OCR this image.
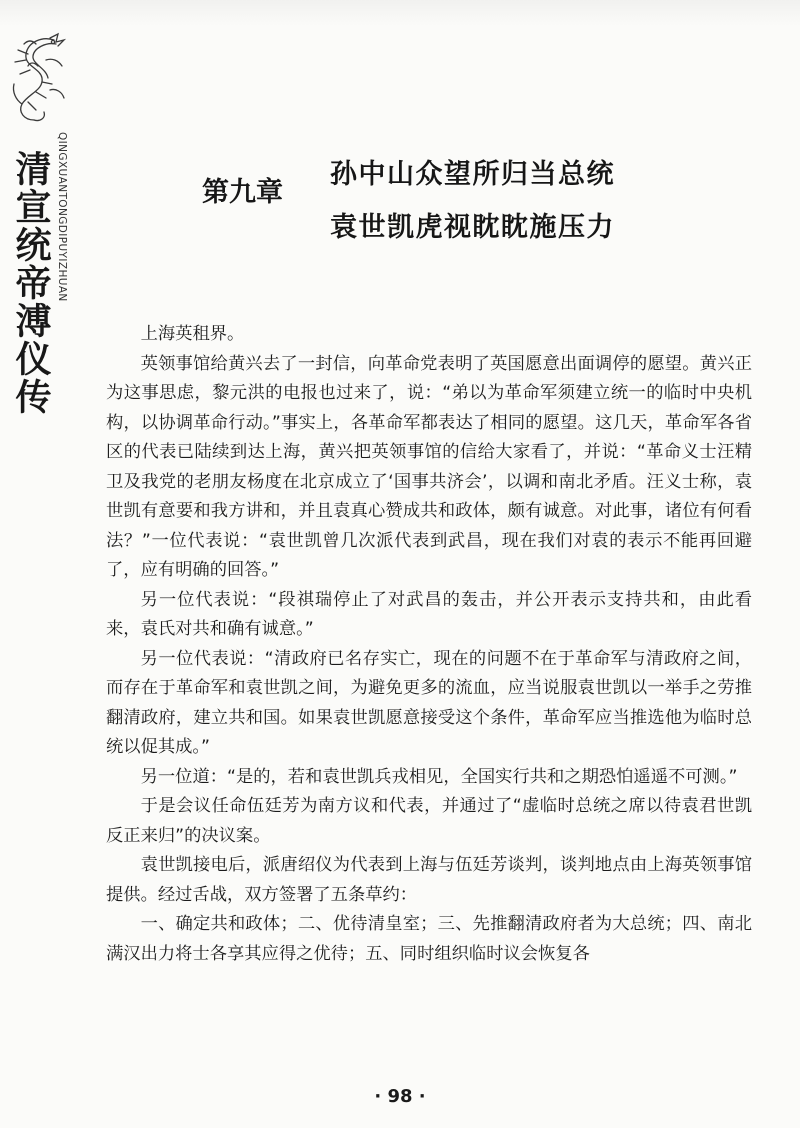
QINGXUANTONGDIPUYIZHUAN
清宣统帝溥仪传	第九章
孙中山众望所归当总统
袁世凯虎视眈眈施压力

上海英租界。

英领事馆给黄兴去了一封信，向革命党表明了英国愿意出面调停的愿望。黄兴正为这事思虑，黎元洪的电报也过来了，说：“弟以为革命军须建立统一的临时中央机构，以协调革命行动。”事实上，各革命军都表达了相同的愿望。这几天，革命军各省区的代表已陆续到达上海，黄兴把英领事馆的信给大家看了，并说：“革命义士汪精卫及我党的老朋友杨度在北京成立了‘国事共济会’，以调和南北矛盾。汪义士称，袁世凯有意要和我方讲和，并且袁真心赞成共和政体，颇有诚意。对此事，诸位有何看法？”一位代表说：“袁世凯曾几次派代表到武昌，现在我们对袁的表示不能再回避了，应有明确的回答。”

另一位代表说：“段祺瑞停止了对武昌的轰击，并公开表示支持共和，由此看来，袁氏对共和确有诚意。”

另一位代表说：“清政府已名存实亡，现在的问题不在于革命军与清政府之间，而存在于革命军和袁世凯之间，为避免更多的流血，应当说服袁世凯以一举手之劳推翻清政府，建立共和国。如果袁世凯愿意接受这个条件，革命军应当推选他为临时总统以促其成。”

另一位道：“是的，若和袁世凯兵戎相见，全国实行共和之期恐怕遥遥不可测。”

于是会议任命伍廷芳为南方议和代表，并通过了“虚临时总统之席以待袁君世凯反正来归”的决议案。

袁世凯接电后，派唐绍仪为代表到上海与伍廷芳谈判，谈判地点由上海英领事馆提供。经过舌战，双方签署了五条草约：

一、确定共和政体；二、优待清皇室；三、先推翻清政府者为大总统；四、南北满汉出力将士各享其应得之优待；五、同时组织临时议会恢复各

· 98 ·
